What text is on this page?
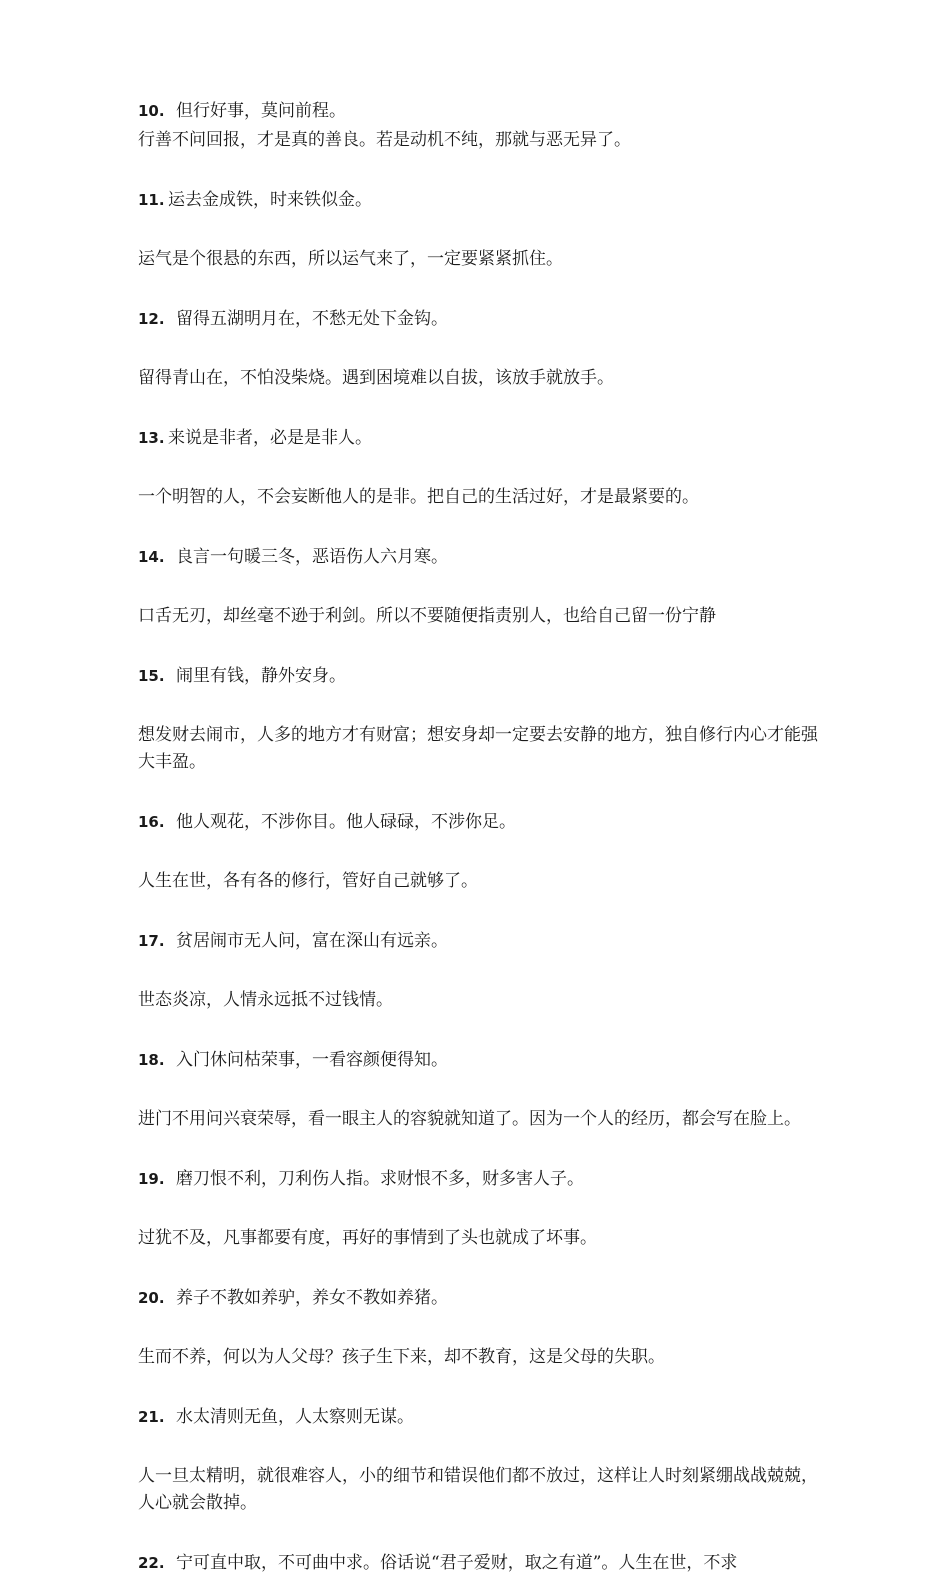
10. 但行好事，莫问前程。
行善不问回报，才是真的善良。若是动机不纯，那就与恶无异了。
11. 运去金成铁，时来铁似金。
运气是个很悬的东西，所以运气来了，一定要紧紧抓住。
12. 留得五湖明月在，不愁无处下金钩。
留得青山在，不怕没柴烧。遇到困境难以自拔，该放手就放手。
13. 来说是非者，必是是非人。
一个明智的人，不会妄断他人的是非。把自己的生活过好，才是最紧要的。
14. 良言一句暖三冬，恶语伤人六月寒。
口舌无刃，却丝毫不逊于利剑。所以不要随便指责别人，也给自己留一份宁静
15. 闹里有钱，静外安身。
想发财去闹市，人多的地方才有财富；想安身却一定要去安静的地方，独自修行内心才能强大丰盈。
16. 他人观花，不涉你目。他人碌碌，不涉你足。
人生在世，各有各的修行，管好自己就够了。
17. 贫居闹市无人问，富在深山有远亲。
世态炎凉，人情永远抵不过钱情。
18. 入门休问枯荣事，一看容颜便得知。
进门不用问兴衰荣辱，看一眼主人的容貌就知道了。因为一个人的经历，都会写在脸上。
19. 磨刀恨不利，刀利伤人指。求财恨不多，财多害人子。
过犹不及，凡事都要有度，再好的事情到了头也就成了坏事。
20. 养子不教如养驴，养女不教如养猪。
生而不养，何以为人父母？孩子生下来，却不教育，这是父母的失职。
21. 水太清则无鱼，人太察则无谋。
人一旦太精明，就很难容人，小的细节和错误他们都不放过，这样让人时刻紧绷战战兢兢，人心就会散掉。
22. 宁可直中取，不可曲中求。俗话说“君子爱财，取之有道”。人生在世，不求
